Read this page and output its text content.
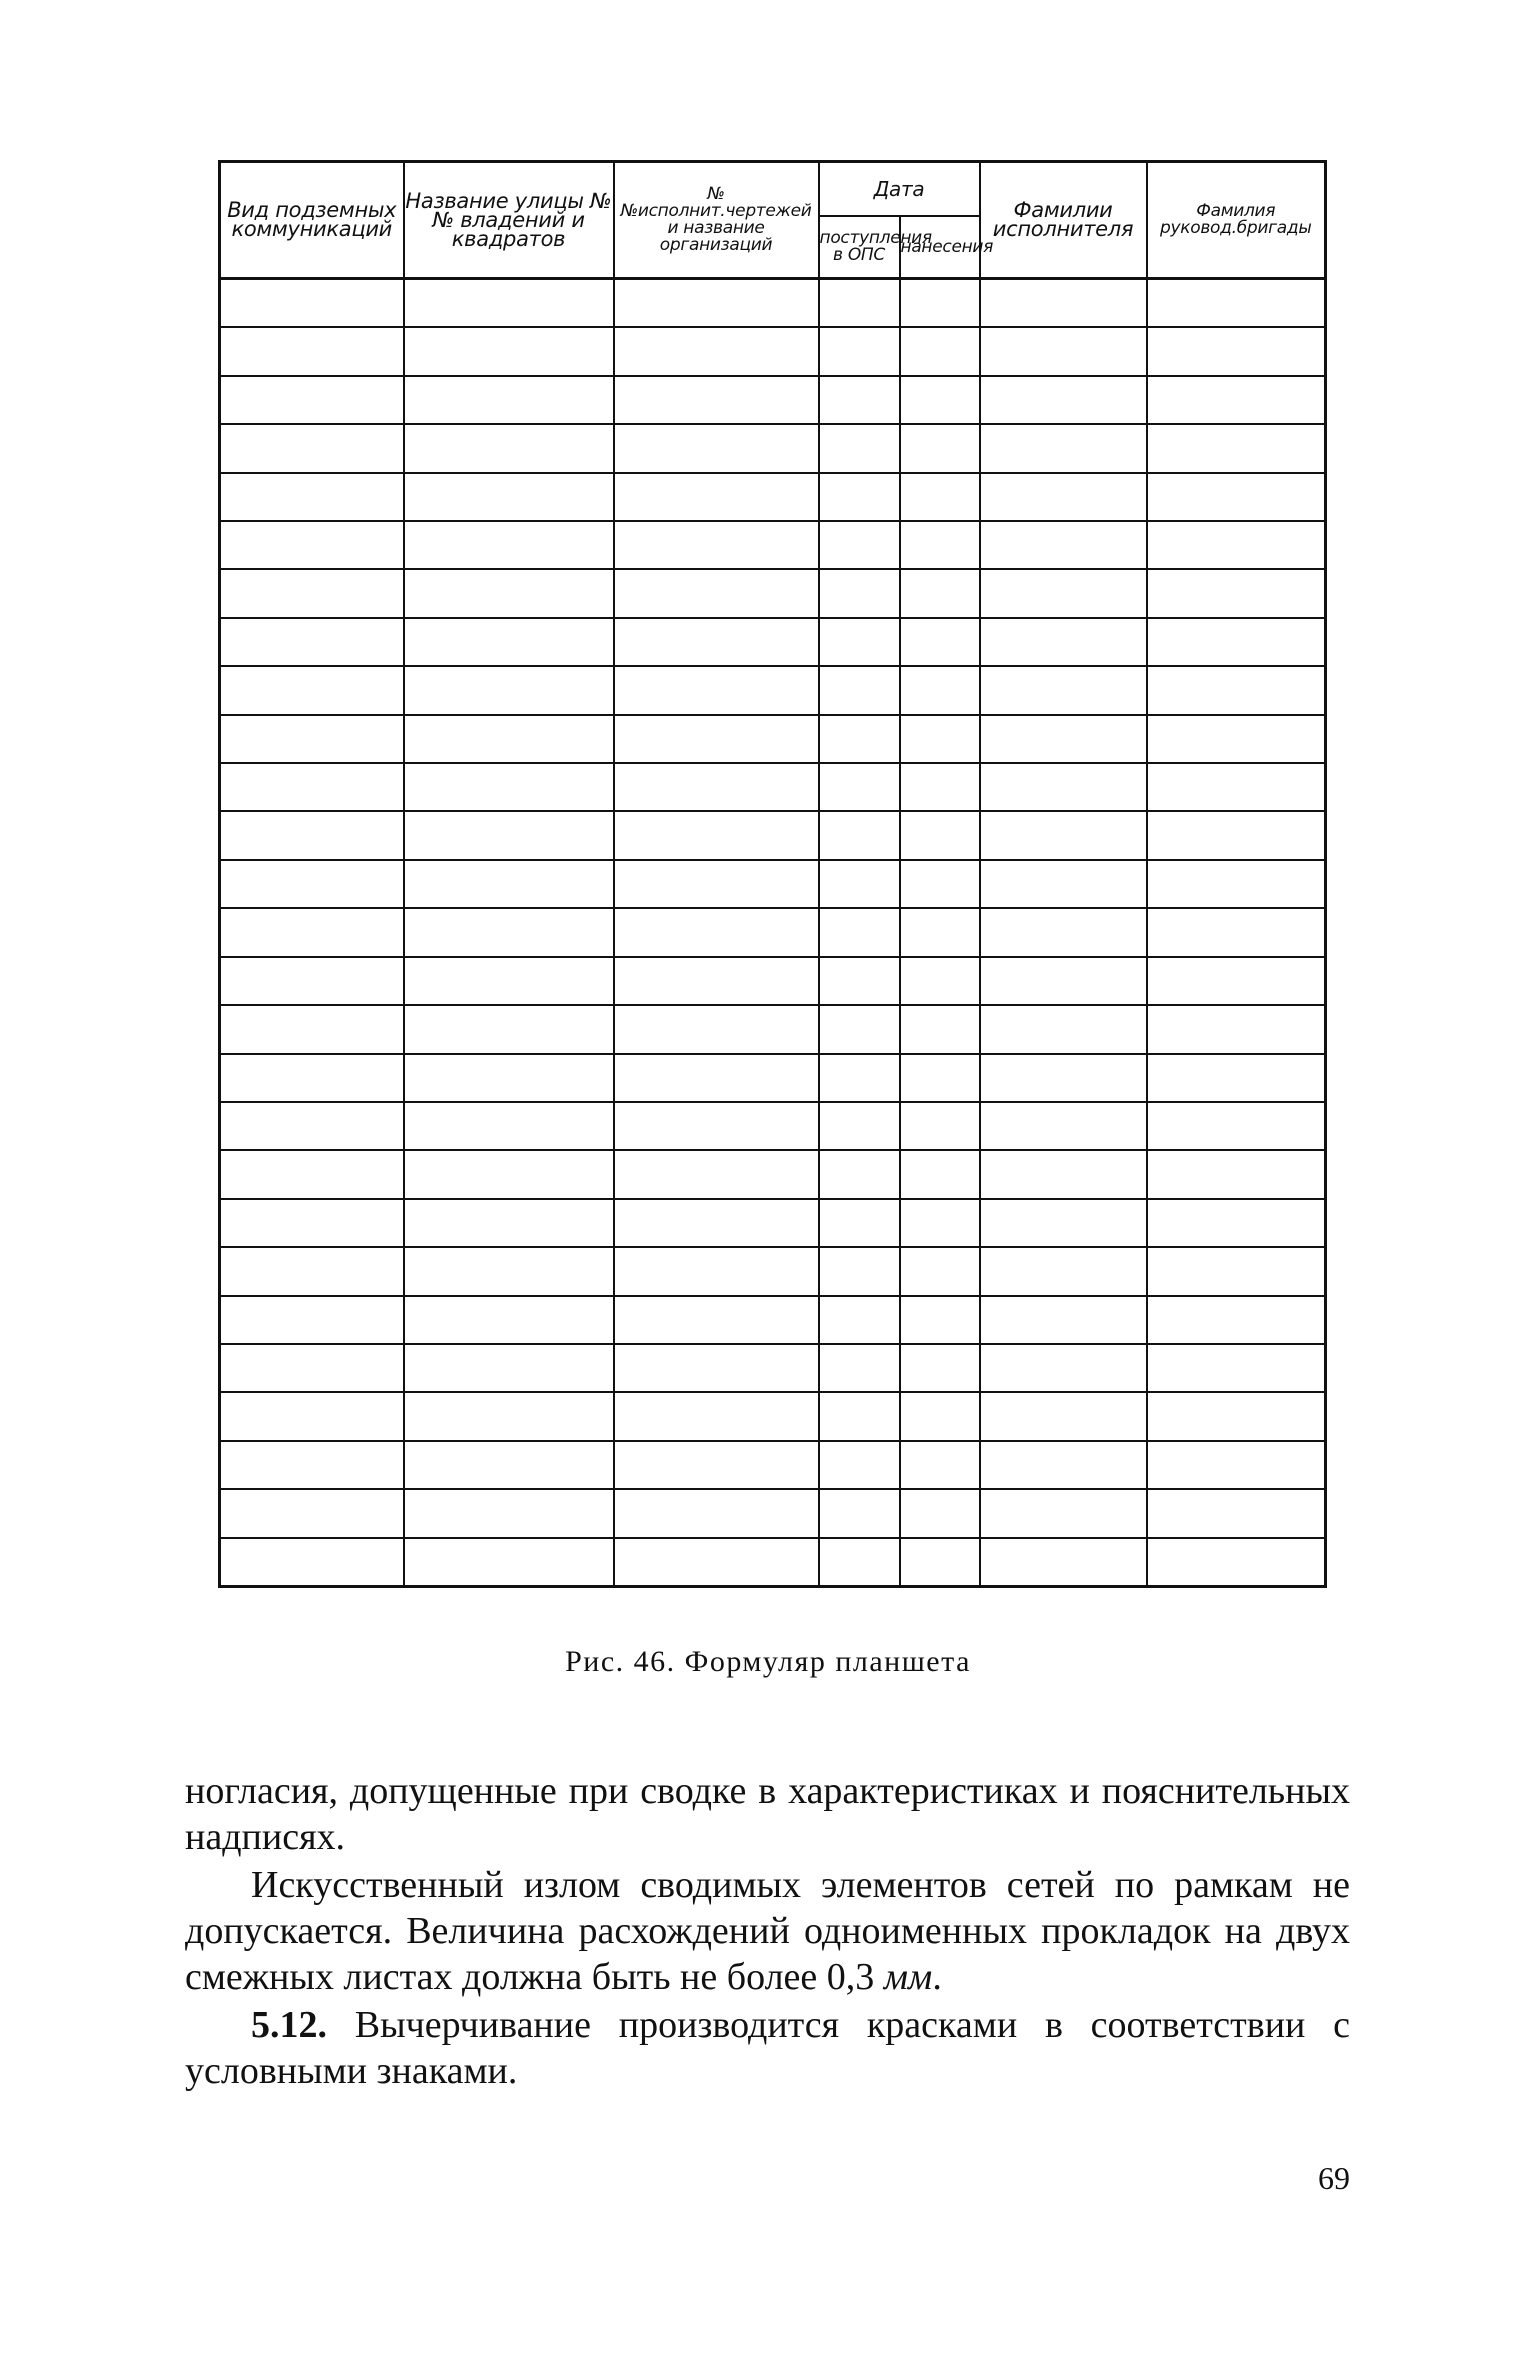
Вид подземных коммуникаций	Название улицы №№ владений и квадратов	№№исполнит.чертежей и название организаций	Дата		Фамилии исполнителя	Фамилия руковод.бригады
			поступления в ОПС	нанесения		

Рис. 46. Формуляр планшета

ногласия, допущенные при сводке в характеристиках и пояснительных надписях.

Искусственный излом сводимых элементов сетей по рамкам не допускается. Величина расхождений одноименных прокладок на двух смежных листах должна быть не более 0,3 мм.

5.12. Вычерчивание производится красками в соответствии с условными знаками.

69
